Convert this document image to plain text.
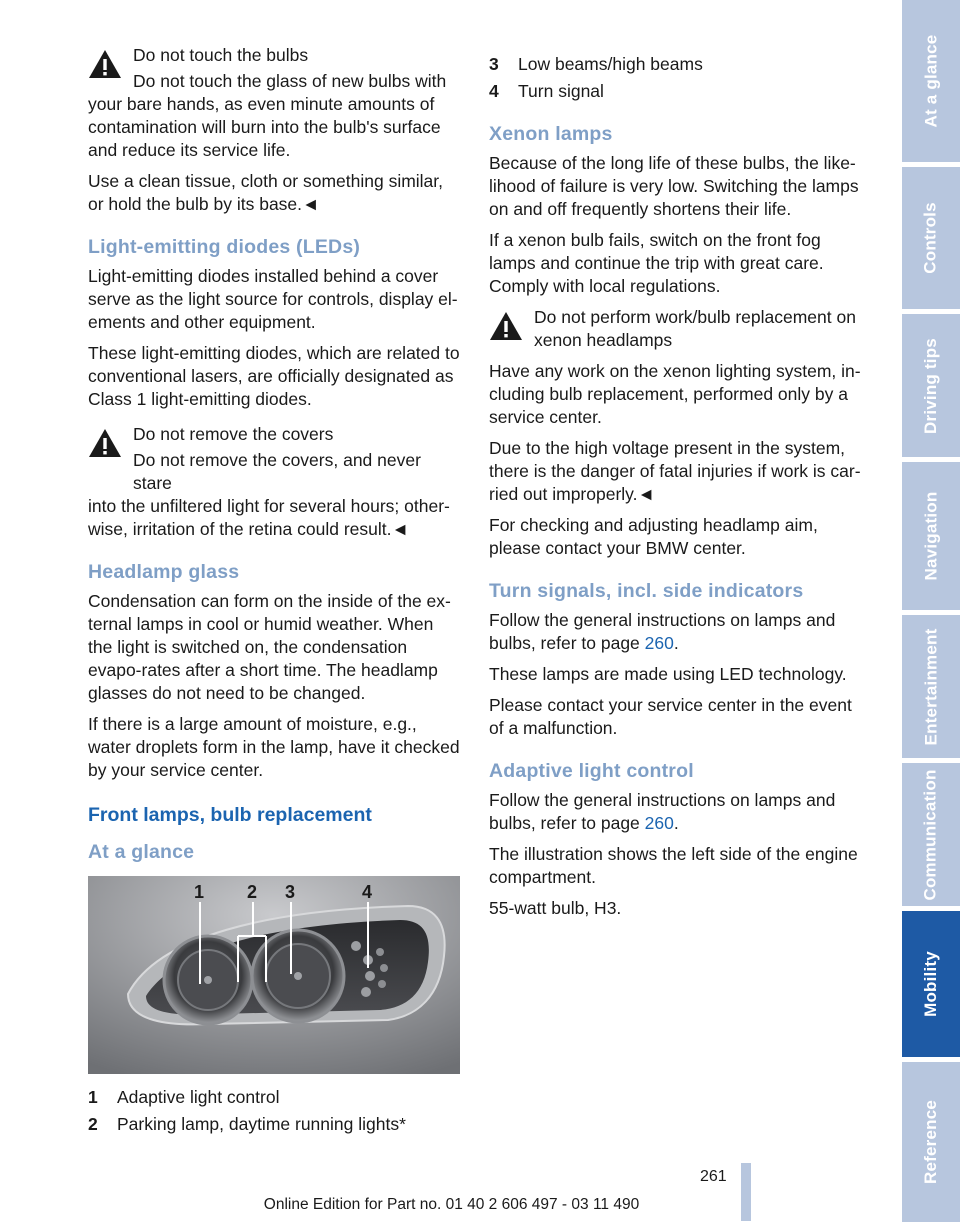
Do not touch the bulbs

Do not touch the glass of new bulbs with

your bare hands, as even minute amounts of contamination will burn into the bulb's surface and reduce its service life.

Use a clean tissue, cloth or something similar, or hold the bulb by its base.◄

Light-emitting diodes (LEDs)

Light-emitting diodes installed behind a cover serve as the light source for controls, display el-ements and other equipment.

These light-emitting diodes, which are related to conventional lasers, are officially designated as Class 1 light-emitting diodes.

Do not remove the covers

Do not remove the covers, and never stare

into the unfiltered light for several hours; other-wise, irritation of the retina could result.◄

Headlamp glass

Condensation can form on the inside of the ex-ternal lamps in cool or humid weather. When the light is switched on, the condensation evapo-rates after a short time. The headlamp glasses do not need to be changed.

If there is a large amount of moisture, e.g., water droplets form in the lamp, have it checked by your service center.

Front lamps, bulb replacement
At a glance
1 2 3	4
1	Adaptive light control
2	Parking lamp, daytime running lights*
3	Low beams/high beams
4	Turn signal
Xenon lamps

Because of the long life of these bulbs, the like-lihood of failure is very low. Switching the lamps on and off frequently shortens their life.

If a xenon bulb fails, switch on the front fog lamps and continue the trip with great care. Comply with local regulations.

Do not perform work/bulb replacement on xenon headlamps

Have any work on the xenon lighting system, in-cluding bulb replacement, performed only by a service center.

Due to the high voltage present in the system, there is the danger of fatal injuries if work is car-ried out improperly.◄

For checking and adjusting headlamp aim, please contact your BMW center.

Turn signals, incl. side indicators

Follow the general instructions on lamps and bulbs, refer to page 260.

These lamps are made using LED technology.

Please contact your service center in the event of a malfunction.

Adaptive light control

Follow the general instructions on lamps and bulbs, refer to page 260.

The illustration shows the left side of the engine compartment.

55-watt bulb, H3.

At a glance
Controls
Driving tips
Navigation
Entertainment
Communication
Mobility
Reference
261
Online Edition for Part no. 01 40 2 606 497 - 03 11 490
